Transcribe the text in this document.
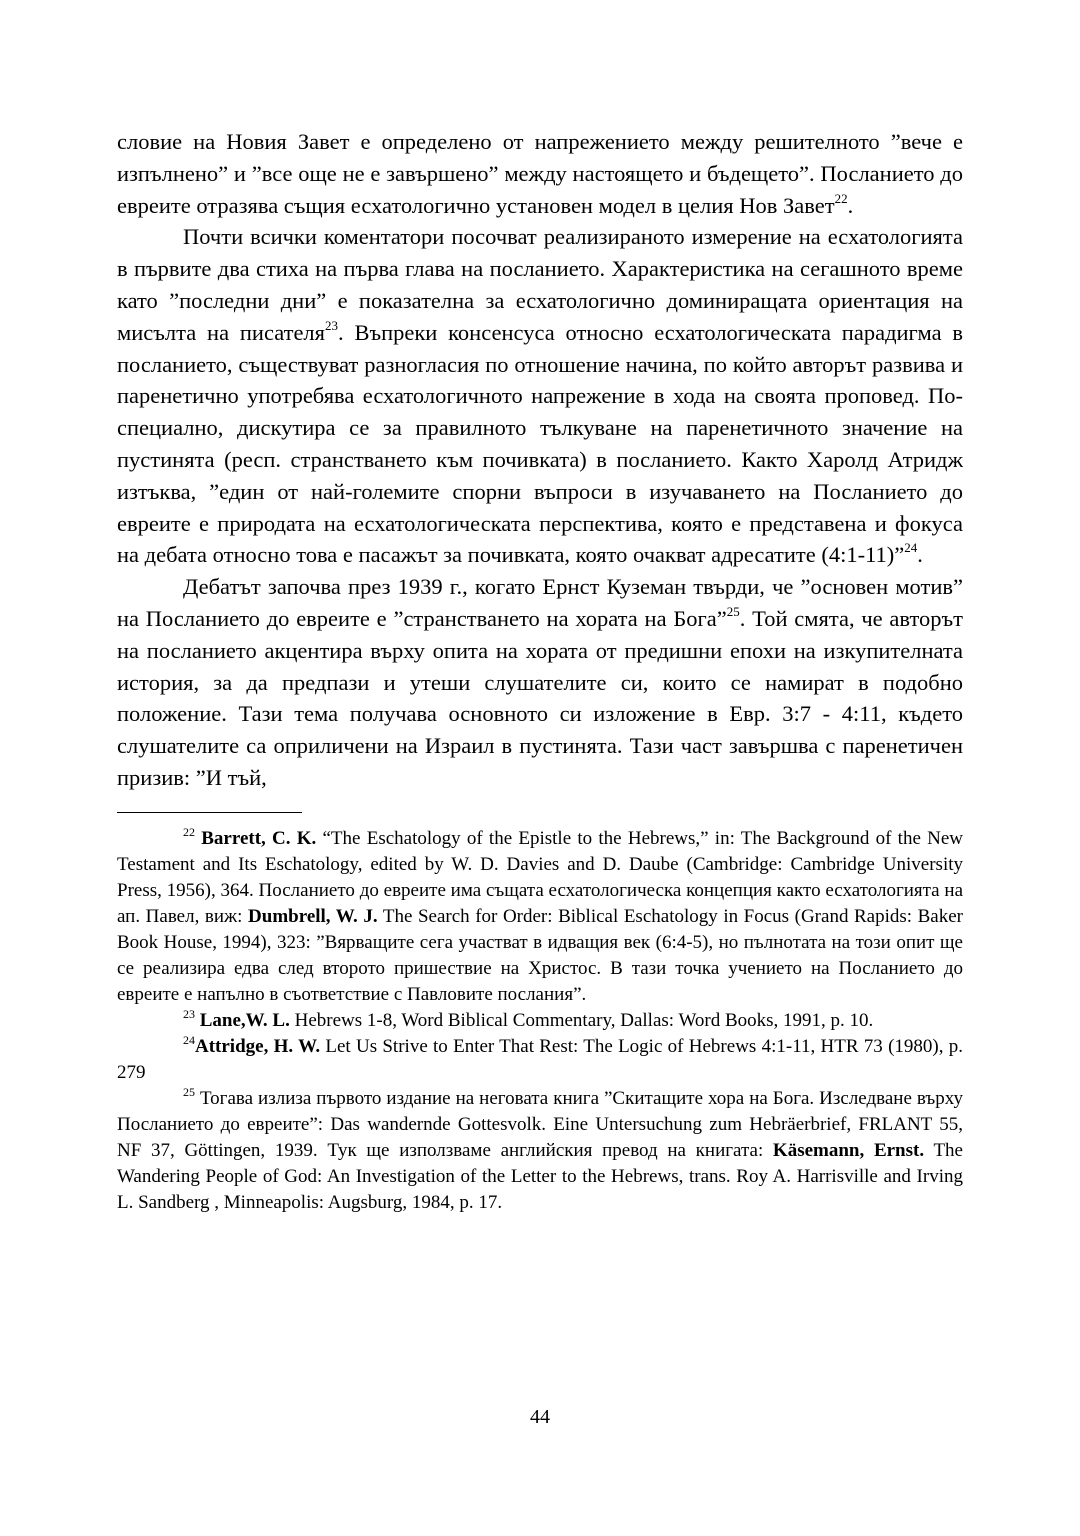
словие на Новия Завет е определено от напрежението между решителното ”вече е изпълнено” и ”все още не е завършено” между настоящето и бъдещето”. Посланието до евреите отразява същия есхатологично установен модел в целия Нов Завет$^{22}$.

Почти всички коментатори посочват реализираното измерение на есхатологията в първите два стиха на първа глава на посланието. Характеристика на сегашното време като ”последни дни” е показателна за есхатологично доминиращата ориентация на мисълта на писателя$^{23}$. Въпреки консенсуса относно есхатологическата парадигма в посланието, съществуват разногласия по отношение начина, по който авторът развива и паренетично употребява есхатологичното напрежение в хода на своята проповед. По-специално, дискутира се за правилното тълкуване на паренетичното значение на пустинята (респ. странстването към почивката) в посланието. Както Харолд Атридж изтъква, ”един от най-големите спорни въпроси в изучаването на Посланието до евреите е природата на есхатологическата перспектива, която е представена и фокуса на дебата относно това е пасажът за почивката, която очакват адресатите (4:1-11)”$^{24}$.

Дебатът започва през 1939 г., когато Ернст Куземан твърди, че ”основен мотив” на Посланието до евреите е ”странстването на хората на Бога”$^{25}$. Той смята, че авторът на посланието акцентира върху опита на хората от предишни епохи на изкупителната история, за да предпази и утеши слушателите си, които се намират в подобно положение. Тази тема получава основното си изложение в Евр. 3:7 - 4:11, където слушателите са оприличени на Израил в пустинята. Тази част завършва с паренетичен призив: ”И тъй,

$^{22}$ Barrett, C. K. “The Eschatology of the Epistle to the Hebrews,” in: The Background of the New Testament and Its Eschatology, edited by W. D. Davies and D. Daube (Cambridge: Cambridge University Press, 1956), 364. Посланието до евреите има същата есхатологическа концепция както есхатологията на ап. Павел, виж: Dumbrell, W. J. The Search for Order: Biblical Eschatology in Focus (Grand Rapids: Baker Book House, 1994), 323: ”Вярващите сега участват в идващия век (6:4-5), но пълнотата на този опит ще се реализира едва след второто пришествие на Христос. В тази точка учението на Посланието до евреите е напълно в съответствие с Павловите послания”.

$^{23}$ Lane,W. L. Hebrews 1-8, Word Biblical Commentary, Dallas: Word Books, 1991, p. 10.

$^{24}$Attridge, H. W. Let Us Strive to Enter That Rest: The Logic of Hebrews 4:1-11, HTR 73 (1980), p. 279

$^{25}$ Тогава излиза първото издание на неговата книга ”Скитащите хора на Бога. Изследване върху Посланието до евреите”: Das wandernde Gottesvolk. Eine Untersuchung zum Hebräerbrief, FRLANT 55, NF 37, Göttingen, 1939. Тук ще използваме английския превод на книгата: Käsemann, Ernst. The Wandering People of God: An Investigation of the Letter to the Hebrews, trans. Roy A. Harrisville and Irving L. Sandberg , Minneapolis: Augsburg, 1984, p. 17.

44
